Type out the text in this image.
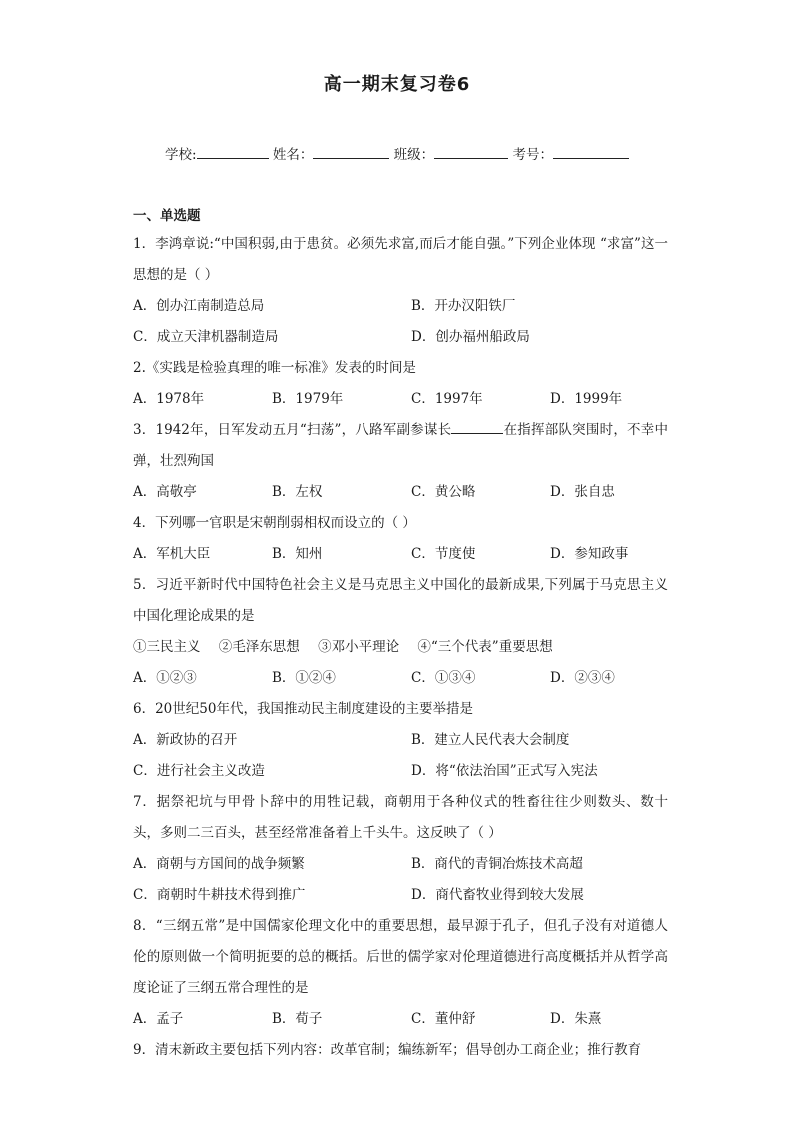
高一期末复习卷6
学校:	姓名：	班级：	考号：
一、单选题
1．李鸿章说:“中国积弱,由于患贫。必须先求富,而后才能自强。”下列企业体现 “求富”这一思想的是（ ）
A．创办江南制造总局	B．开办汉阳铁厂
C．成立天津机器制造局	D．创办福州船政局
2.《实践是检验真理的唯一标准》发表的时间是
A．1978年	B．1979年	C．1997年	D．1999年
3．1942年，日军发动五月“扫荡”，八路军副参谋长	在指挥部队突围时，不幸中弹，壮烈殉国
A．高敬亭	B．左权	C．黄公略	D．张自忠
4．下列哪一官职是宋朝削弱相权而设立的（ ）
A．军机大臣	B．知州	C．节度使	D．参知政事
5．习近平新时代中国特色社会主义是马克思主义中国化的最新成果,下列属于马克思主义中国化理论成果的是
①三民主义 ②毛泽东思想 ③邓小平理论 ④“三个代表”重要思想
A．①②③	B．①②④	C．①③④	D．②③④
6．20世纪50年代，我国推动民主制度建设的主要举措是
A．新政协的召开	B．建立人民代表大会制度
C．进行社会主义改造	D．将“依法治国”正式写入宪法
7．据祭祀坑与甲骨卜辞中的用牲记载，商朝用于各种仪式的牲畜往往少则数头、数十头，多则二三百头，甚至经常准备着上千头牛。这反映了（ ）
A．商朝与方国间的战争频繁	B．商代的青铜冶炼技术高超
C．商朝时牛耕技术得到推广	D．商代畜牧业得到较大发展
8．“三纲五常”是中国儒家伦理文化中的重要思想，最早源于孔子，但孔子没有对道德人伦的原则做一个简明扼要的总的概括。后世的儒学家对伦理道德进行高度概括并从哲学高度论证了三纲五常合理性的是
A．孟子	B．荀子	C．董仲舒	D．朱熹
9．清末新政主要包括下列内容：改革官制；编练新军；倡导创办工商企业；推行教育
